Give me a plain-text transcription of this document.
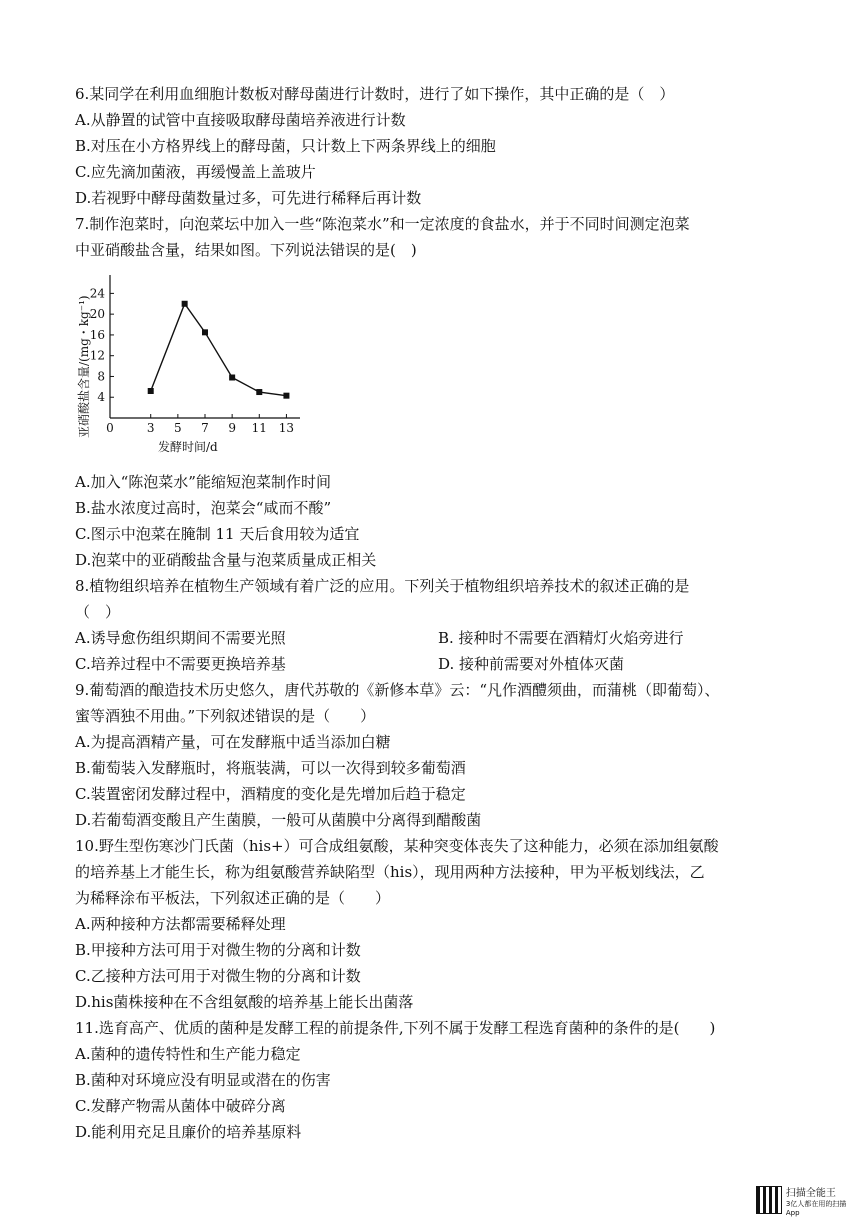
6.某同学在利用血细胞计数板对酵母菌进行计数时，进行了如下操作，其中正确的是（　）
A.从静置的试管中直接吸取酵母菌培养液进行计数
B.对压在小方格界线上的酵母菌，只计数上下两条界线上的细胞
C.应先滴加菌液，再缓慢盖上盖玻片
D.若视野中酵母菌数量过多，可先进行稀释后再计数
7.制作泡菜时，向泡菜坛中加入一些“陈泡菜水”和一定浓度的食盐水，并于不同时间测定泡菜
中亚硝酸盐含量，结果如图。下列说法错误的是(　)
亚硝酸盐含量/(mg・kg⁻¹)
发酵时间/d
0	3 5 7 9 11 13
4
8
12
16
20
24
A.加入“陈泡菜水”能缩短泡菜制作时间
B.盐水浓度过高时，泡菜会“咸而不酸”
C.图示中泡菜在腌制 11 天后食用较为适宜
D.泡菜中的亚硝酸盐含量与泡菜质量成正相关
8.植物组织培养在植物生产领域有着广泛的应用。下列关于植物组织培养技术的叙述正确的是
（　）
A.诱导愈伤组织期间不需要光照	B. 接种时不需要在酒精灯火焰旁进行
C.培养过程中不需要更换培养基	D. 接种前需要对外植体灭菌
9.葡萄酒的酿造技术历史悠久，唐代苏敬的《新修本草》云：“凡作酒醴须曲，而蒲桃（即葡萄）、
蜜等酒独不用曲。”下列叙述错误的是（　　）
A.为提高酒精产量，可在发酵瓶中适当添加白糖
B.葡萄装入发酵瓶时，将瓶装满，可以一次得到较多葡萄酒
C.装置密闭发酵过程中，酒精度的变化是先增加后趋于稳定
D.若葡萄酒变酸且产生菌膜，一般可从菌膜中分离得到醋酸菌
10.野生型伤寒沙门氏菌（his+）可合成组氨酸，某种突变体丧失了这种能力，必须在添加组氨酸
的培养基上才能生长，称为组氨酸营养缺陷型（his），现用两种方法接种，甲为平板划线法，乙
为稀释涂布平板法，下列叙述正确的是（　　）
A.两种接种方法都需要稀释处理
B.甲接种方法可用于对微生物的分离和计数
C.乙接种方法可用于对微生物的分离和计数
D.his菌株接种在不含组氨酸的培养基上能长出菌落
11.选育高产、优质的菌种是发酵工程的前提条件,下列不属于发酵工程选育菌种的条件的是(　　)
A.菌种的遗传特性和生产能力稳定
B.菌种对环境应没有明显或潜在的伤害
C.发酵产物需从菌体中破碎分离
D.能利用充足且廉价的培养基原料
扫描全能王
3亿人都在用的扫描App
